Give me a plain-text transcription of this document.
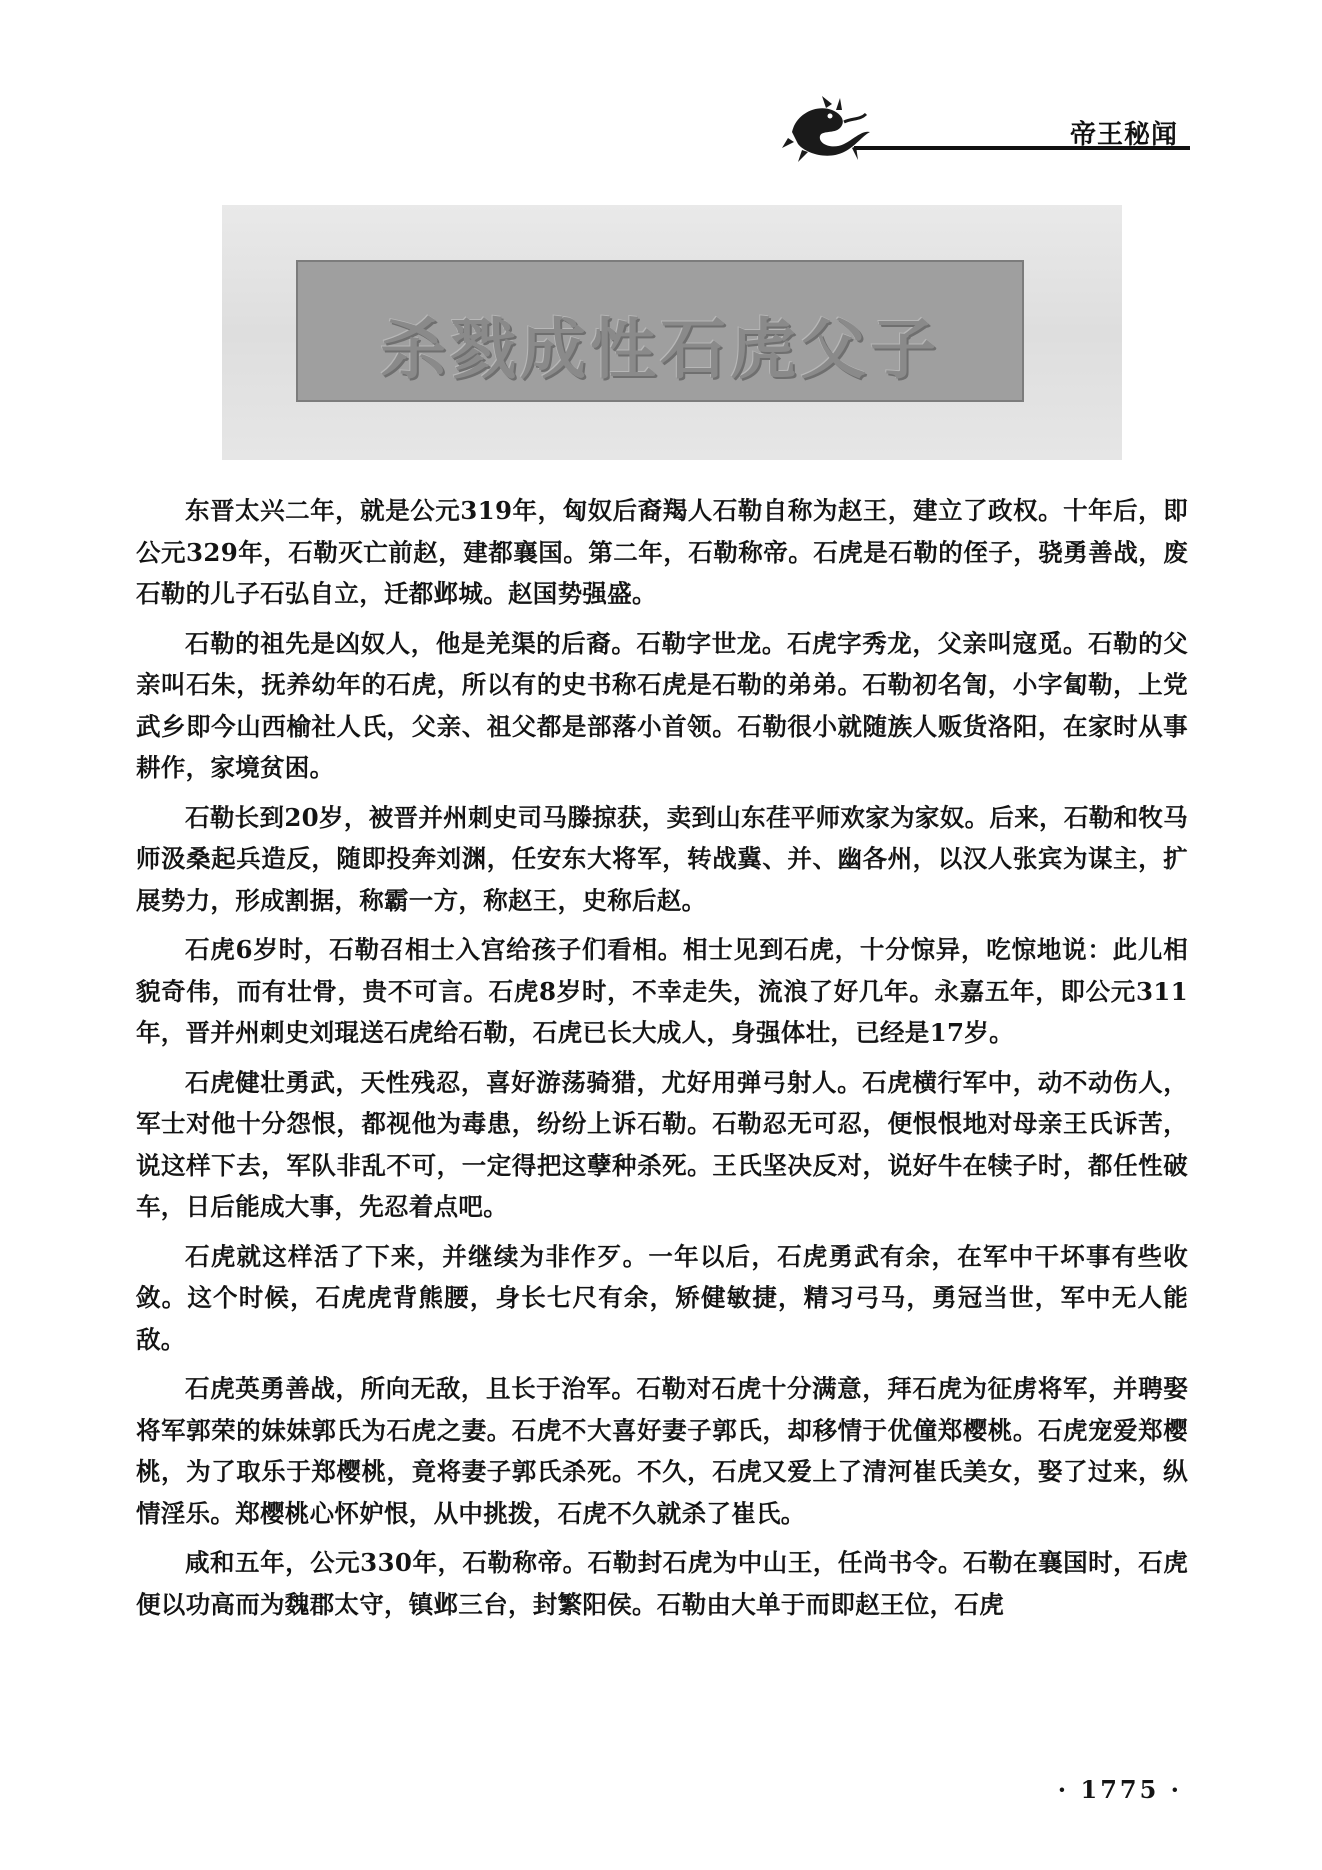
帝王秘闻

杀戮成性石虎父子

东晋太兴二年，就是公元319年，匈奴后裔羯人石勒自称为赵王，建立了政权。十年后，即公元329年，石勒灭亡前赵，建都襄国。第二年，石勒称帝。石虎是石勒的侄子，骁勇善战，废石勒的儿子石弘自立，迁都邺城。赵国势强盛。

石勒的祖先是凶奴人，他是羌渠的后裔。石勒字世龙。石虎字秀龙，父亲叫寇觅。石勒的父亲叫石朱，抚养幼年的石虎，所以有的史书称石虎是石勒的弟弟。石勒初名訇，小字匐勒，上党武乡即今山西榆社人氏，父亲、祖父都是部落小首领。石勒很小就随族人贩货洛阳，在家时从事耕作，家境贫困。

石勒长到20岁，被晋并州刺史司马滕掠获，卖到山东荏平师欢家为家奴。后来，石勒和牧马师汲桑起兵造反，随即投奔刘渊，任安东大将军，转战冀、并、幽各州，以汉人张宾为谋主，扩展势力，形成割据，称霸一方，称赵王，史称后赵。

石虎6岁时，石勒召相士入宫给孩子们看相。相士见到石虎，十分惊异，吃惊地说：此儿相貌奇伟，而有壮骨，贵不可言。石虎8岁时，不幸走失，流浪了好几年。永嘉五年，即公元311年，晋并州刺史刘琨送石虎给石勒，石虎已长大成人，身强体壮，已经是17岁。

石虎健壮勇武，天性残忍，喜好游荡骑猎，尤好用弹弓射人。石虎横行军中，动不动伤人，军士对他十分怨恨，都视他为毒患，纷纷上诉石勒。石勒忍无可忍，便恨恨地对母亲王氏诉苦，说这样下去，军队非乱不可，一定得把这孽种杀死。王氏坚决反对，说好牛在犊子时，都任性破车，日后能成大事，先忍着点吧。

石虎就这样活了下来，并继续为非作歹。一年以后，石虎勇武有余，在军中干坏事有些收敛。这个时候，石虎虎背熊腰，身长七尺有余，矫健敏捷，精习弓马，勇冠当世，军中无人能敌。

石虎英勇善战，所向无敌，且长于治军。石勒对石虎十分满意，拜石虎为征虏将军，并聘娶将军郭荣的妹妹郭氏为石虎之妻。石虎不大喜好妻子郭氏，却移情于优僮郑樱桃。石虎宠爱郑樱桃，为了取乐于郑樱桃，竟将妻子郭氏杀死。不久，石虎又爱上了清河崔氏美女，娶了过来，纵情淫乐。郑樱桃心怀妒恨，从中挑拨，石虎不久就杀了崔氏。

咸和五年，公元330年，石勒称帝。石勒封石虎为中山王，任尚书令。石勒在襄国时，石虎便以功高而为魏郡太守，镇邺三台，封繁阳侯。石勒由大单于而即赵王位，石虎

· 1775 ·
